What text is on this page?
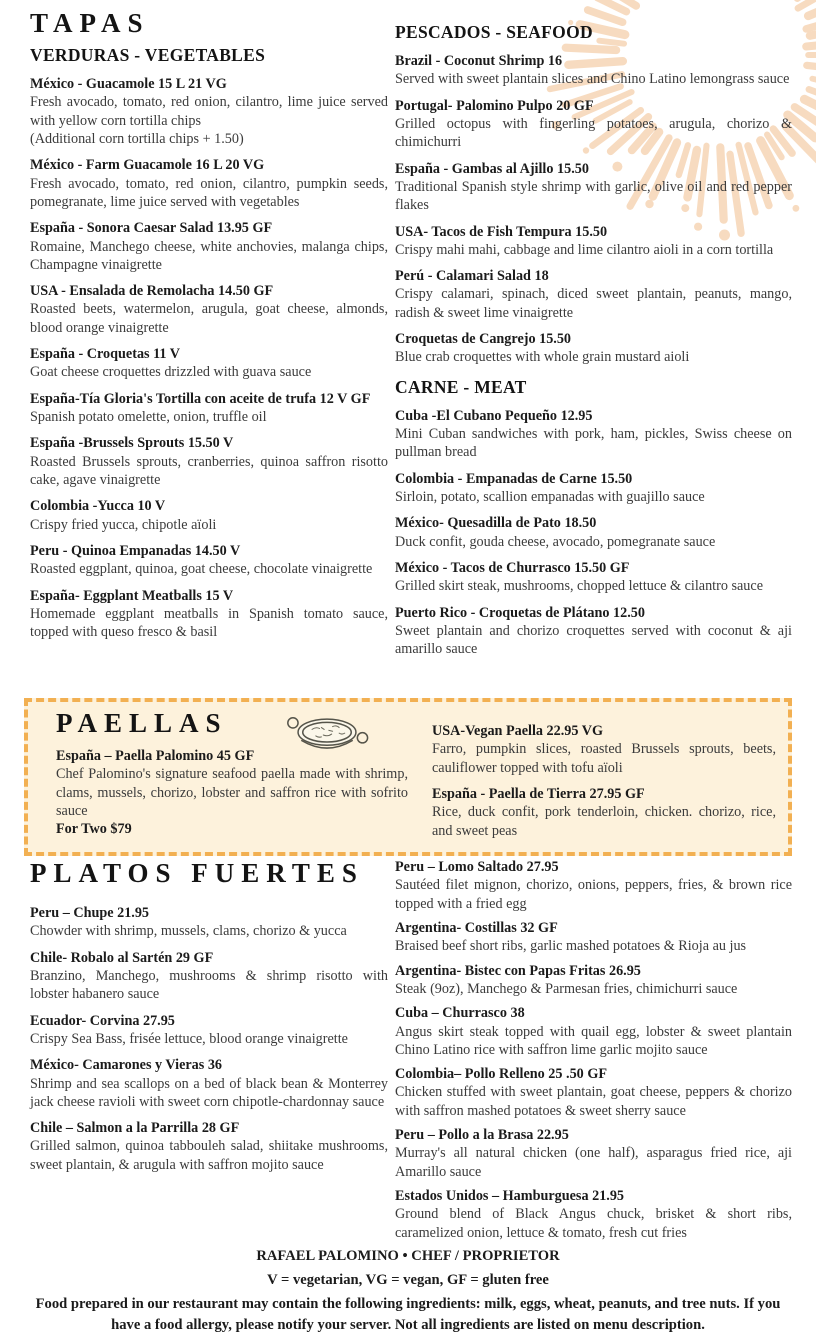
TAPAS
VERDURAS - VEGETABLES
México - Guacamole 15 L 21 VG
Fresh avocado, tomato, red onion, cilantro, lime juice served with yellow corn tortilla chips
(Additional corn tortilla chips + 1.50)
México - Farm Guacamole 16 L 20 VG
Fresh avocado, tomato, red onion, cilantro, pumpkin seeds, pomegranate, lime juice served with vegetables
España - Sonora Caesar Salad 13.95 GF
Romaine, Manchego cheese, white anchovies, malanga chips, Champagne vinaigrette
USA - Ensalada de Remolacha 14.50 GF
Roasted beets, watermelon, arugula, goat cheese, almonds, blood orange vinaigrette
España - Croquetas 11 V
Goat cheese croquettes drizzled with guava sauce
España-Tía Gloria's Tortilla con aceite de trufa 12 V GF
Spanish potato omelette, onion, truffle oil
España -Brussels Sprouts 15.50 V
Roasted Brussels sprouts, cranberries, quinoa saffron risotto cake, agave vinaigrette
Colombia -Yucca 10 V
Crispy fried yucca, chipotle aïoli
Peru - Quinoa Empanadas 14.50 V
Roasted eggplant, quinoa, goat cheese, chocolate vinaigrette
España- Eggplant Meatballs 15 V
Homemade eggplant meatballs in Spanish tomato sauce, topped with queso fresco & basil
PESCADOS - SEAFOOD
Brazil - Coconut Shrimp 16
Served with sweet plantain slices and Chino Latino lemongrass sauce
Portugal- Palomino Pulpo 20 GF
Grilled octopus with fingerling potatoes, arugula, chorizo & chimichurri
España - Gambas al Ajillo 15.50
Traditional Spanish style shrimp with garlic, olive oil and red pepper flakes
USA- Tacos de Fish Tempura 15.50
Crispy mahi mahi, cabbage and lime cilantro aioli in a corn tortilla
Perú - Calamari Salad 18
Crispy calamari, spinach, diced sweet plantain, peanuts, mango, radish & sweet lime vinaigrette
Croquetas de Cangrejo 15.50
Blue crab croquettes with whole grain mustard aioli
CARNE - MEAT
Cuba -El Cubano Pequeño 12.95
Mini Cuban sandwiches with pork, ham, pickles, Swiss cheese on pullman bread
Colombia - Empanadas de Carne 15.50
Sirloin, potato, scallion empanadas with guajillo sauce
México- Quesadilla de Pato 18.50
Duck confit, gouda cheese, avocado, pomegranate sauce
México - Tacos de Churrasco 15.50 GF
Grilled skirt steak, mushrooms, chopped lettuce & cilantro sauce
Puerto Rico - Croquetas de Plátano 12.50
Sweet plantain and chorizo croquettes served with coconut & aji amarillo sauce
PAELLAS
España – Paella Palomino 45 GF
Chef Palomino's signature seafood paella made with shrimp, clams, mussels, chorizo, lobster and saffron rice with sofrito sauce
For Two $79
USA-Vegan Paella 22.95 VG
Farro, pumpkin slices, roasted Brussels sprouts, beets, cauliflower topped with tofu aïoli
España - Paella de Tierra 27.95 GF
Rice, duck confit, pork tenderloin, chicken. chorizo, rice, and sweet peas
PLATOS FUERTES
Peru – Chupe 21.95
Chowder with shrimp, mussels, clams, chorizo & yucca
Chile- Robalo al Sartén 29 GF
Branzino, Manchego, mushrooms & shrimp risotto with lobster habanero sauce
Ecuador- Corvina 27.95
Crispy Sea Bass, frisée lettuce, blood orange vinaigrette
México- Camarones y Vieras 36
Shrimp and sea scallops on a bed of black bean & Monterrey jack cheese ravioli with sweet corn chipotle-chardonnay sauce
Chile – Salmon a la Parrilla 28 GF
Grilled salmon, quinoa tabbouleh salad, shiitake mushrooms, sweet plantain, & arugula with saffron mojito sauce
Peru – Lomo Saltado 27.95
Sautéed filet mignon, chorizo, onions, peppers, fries, & brown rice topped with a fried egg
Argentina- Costillas 32 GF
Braised beef short ribs, garlic mashed potatoes & Rioja au jus
Argentina- Bistec con Papas Fritas 26.95
Steak (9oz), Manchego & Parmesan fries, chimichurri sauce
Cuba – Churrasco 38
Angus skirt steak topped with quail egg, lobster & sweet plantain Chino Latino rice with saffron lime garlic mojito sauce
Colombia– Pollo Relleno 25 .50 GF
Chicken stuffed with sweet plantain, goat cheese, peppers & chorizo with saffron mashed potatoes & sweet sherry sauce
Peru – Pollo a la Brasa 22.95
Murray's all natural chicken (one half), asparagus fried rice, aji Amarillo sauce
Estados Unidos – Hamburguesa 21.95
Ground blend of Black Angus chuck, brisket & short ribs, caramelized onion, lettuce & tomato, fresh cut fries
RAFAEL PALOMINO • CHEF / PROPRIETOR
V = vegetarian, VG = vegan, GF = gluten free
Food prepared in our restaurant may contain the following ingredients: milk, eggs, wheat, peanuts, and tree nuts. If you have a food allergy, please notify your server. Not all ingredients are listed on menu description.
